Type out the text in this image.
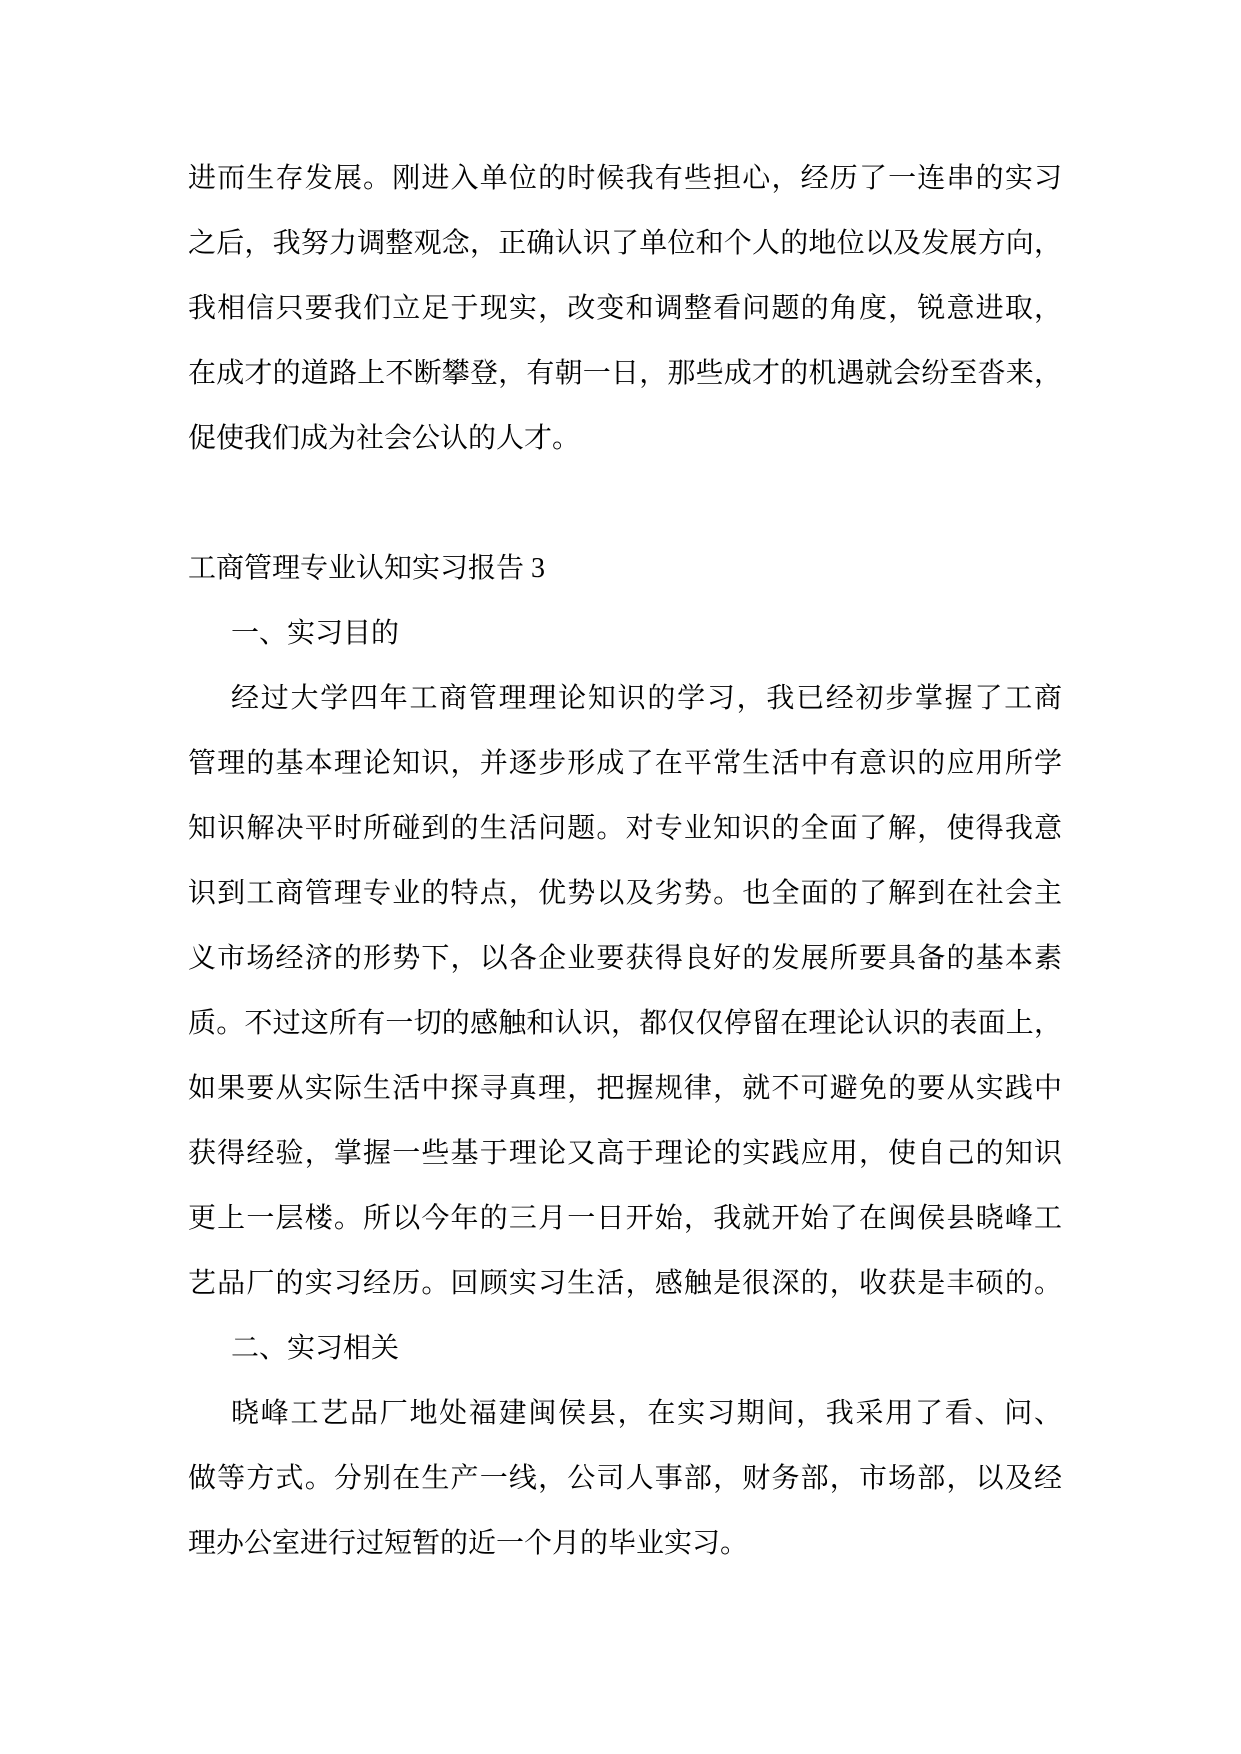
进而生存发展。刚进入单位的时候我有些担心，经历了一连串的实习
之后，我努力调整观念，正确认识了单位和个人的地位以及发展方向，
我相信只要我们立足于现实，改变和调整看问题的角度，锐意进取，
在成才的道路上不断攀登，有朝一日，那些成才的机遇就会纷至沓来，
促使我们成为社会公认的人才。
工商管理专业认知实习报告 3
一、实习目的
经过大学四年工商管理理论知识的学习，我已经初步掌握了工商
管理的基本理论知识，并逐步形成了在平常生活中有意识的应用所学
知识解决平时所碰到的生活问题。对专业知识的全面了解，使得我意
识到工商管理专业的特点，优势以及劣势。也全面的了解到在社会主
义市场经济的形势下，以各企业要获得良好的发展所要具备的基本素
质。不过这所有一切的感触和认识，都仅仅停留在理论认识的表面上，
如果要从实际生活中探寻真理，把握规律，就不可避免的要从实践中
获得经验，掌握一些基于理论又高于理论的实践应用，使自己的知识
更上一层楼。所以今年的三月一日开始，我就开始了在闽侯县晓峰工
艺品厂的实习经历。回顾实习生活，感触是很深的，收获是丰硕的。
二、实习相关
晓峰工艺品厂地处福建闽侯县，在实习期间，我采用了看、问、
做等方式。分别在生产一线，公司人事部，财务部，市场部，以及经
理办公室进行过短暂的近一个月的毕业实习。
